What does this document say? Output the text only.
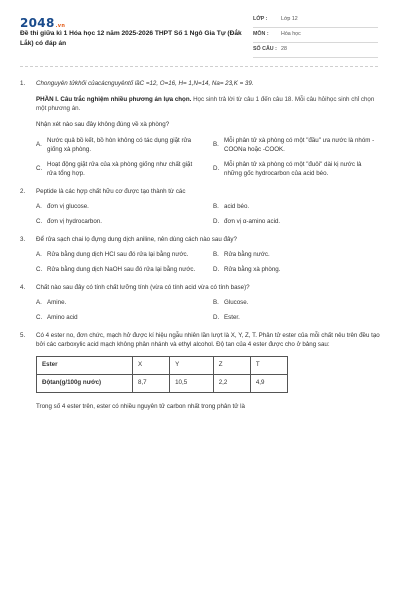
2048.vn
Đề thi giữa kì 1 Hóa học 12 năm 2025-2026 THPT Số 1 Ngô Gia Tự (Đắk Lắk) có đáp án
LỚP :	Lớp 12
MÔN :	Hóa học
SỐ CÂU : 28
1. Chonguyên tửkhối củacácnguyêntố lầC =12, O=16, H= 1,N=14, Na= 23,K = 39.
PHẦN I. Câu trắc nghiệm nhiều phương án lựa chọn. Học sinh trả lời từ câu 1 đến câu 18. Mỗi câu hỏihọc sinh chỉ chọn một phương án.
Nhận xét nào sau đây không đúng về xà phòng?
A.
Nước quả bồ kết, bồ hòn không có tác dụng giặt rửa giống xà phòng.
B.
Mỗi phân tử xà phòng có một "đầu" ưa nước là nhóm -COONa hoặc -COOK.
C.
Hoạt động giặt rửa của xà phòng giống như chất giặt rửa tổng hợp.
D.
Mỗi phân tử xà phòng có một "đuôi" dài kị nước là những gốc hydrocarbon của acid béo.
2. Peptide là các hợp chất hữu cơ được tạo thành từ các
A. đơn vị glucose.	B. acid béo.
C. đơn vị hydrocarbon.	D. đơn vị α-amino acid.
3. Để rửa sạch chai lọ đựng dung dịch aniline, nên dùng cách nào sau đây?
A. Rửa bằng dung dịch HCl sau đó rửa lại bằng nước.	B. Rửa bằng nước.
C. Rửa bằng dung dịch NaOH sau đó rửa lại bằng nước.	D. Rửa bằng xà phòng.
4. Chất nào sau đây có tính chất lưỡng tính (vừa có tính acid vừa có tính base)?
A. Amine.	B. Glucose.
C. Amino acid	D. Ester.
5. Có 4 ester no, đơn chức, mạch hở được kí hiệu ngẫu nhiên lần lượt là X, Y, Z, T. Phân tử ester của mỗi chất nêu trên đều tạo bởi các carboxylic acid mạch không phân nhánh và ethyl alcohol. Độ tan của 4 ester được cho ở bảng sau:
Ester	X	Y	Z	T
Độtan(g/100g nước)	8,7	10,5	2,2	4,9
Trong số 4 ester trên, ester có nhiều nguyên tử carbon nhất trong phân tử là
